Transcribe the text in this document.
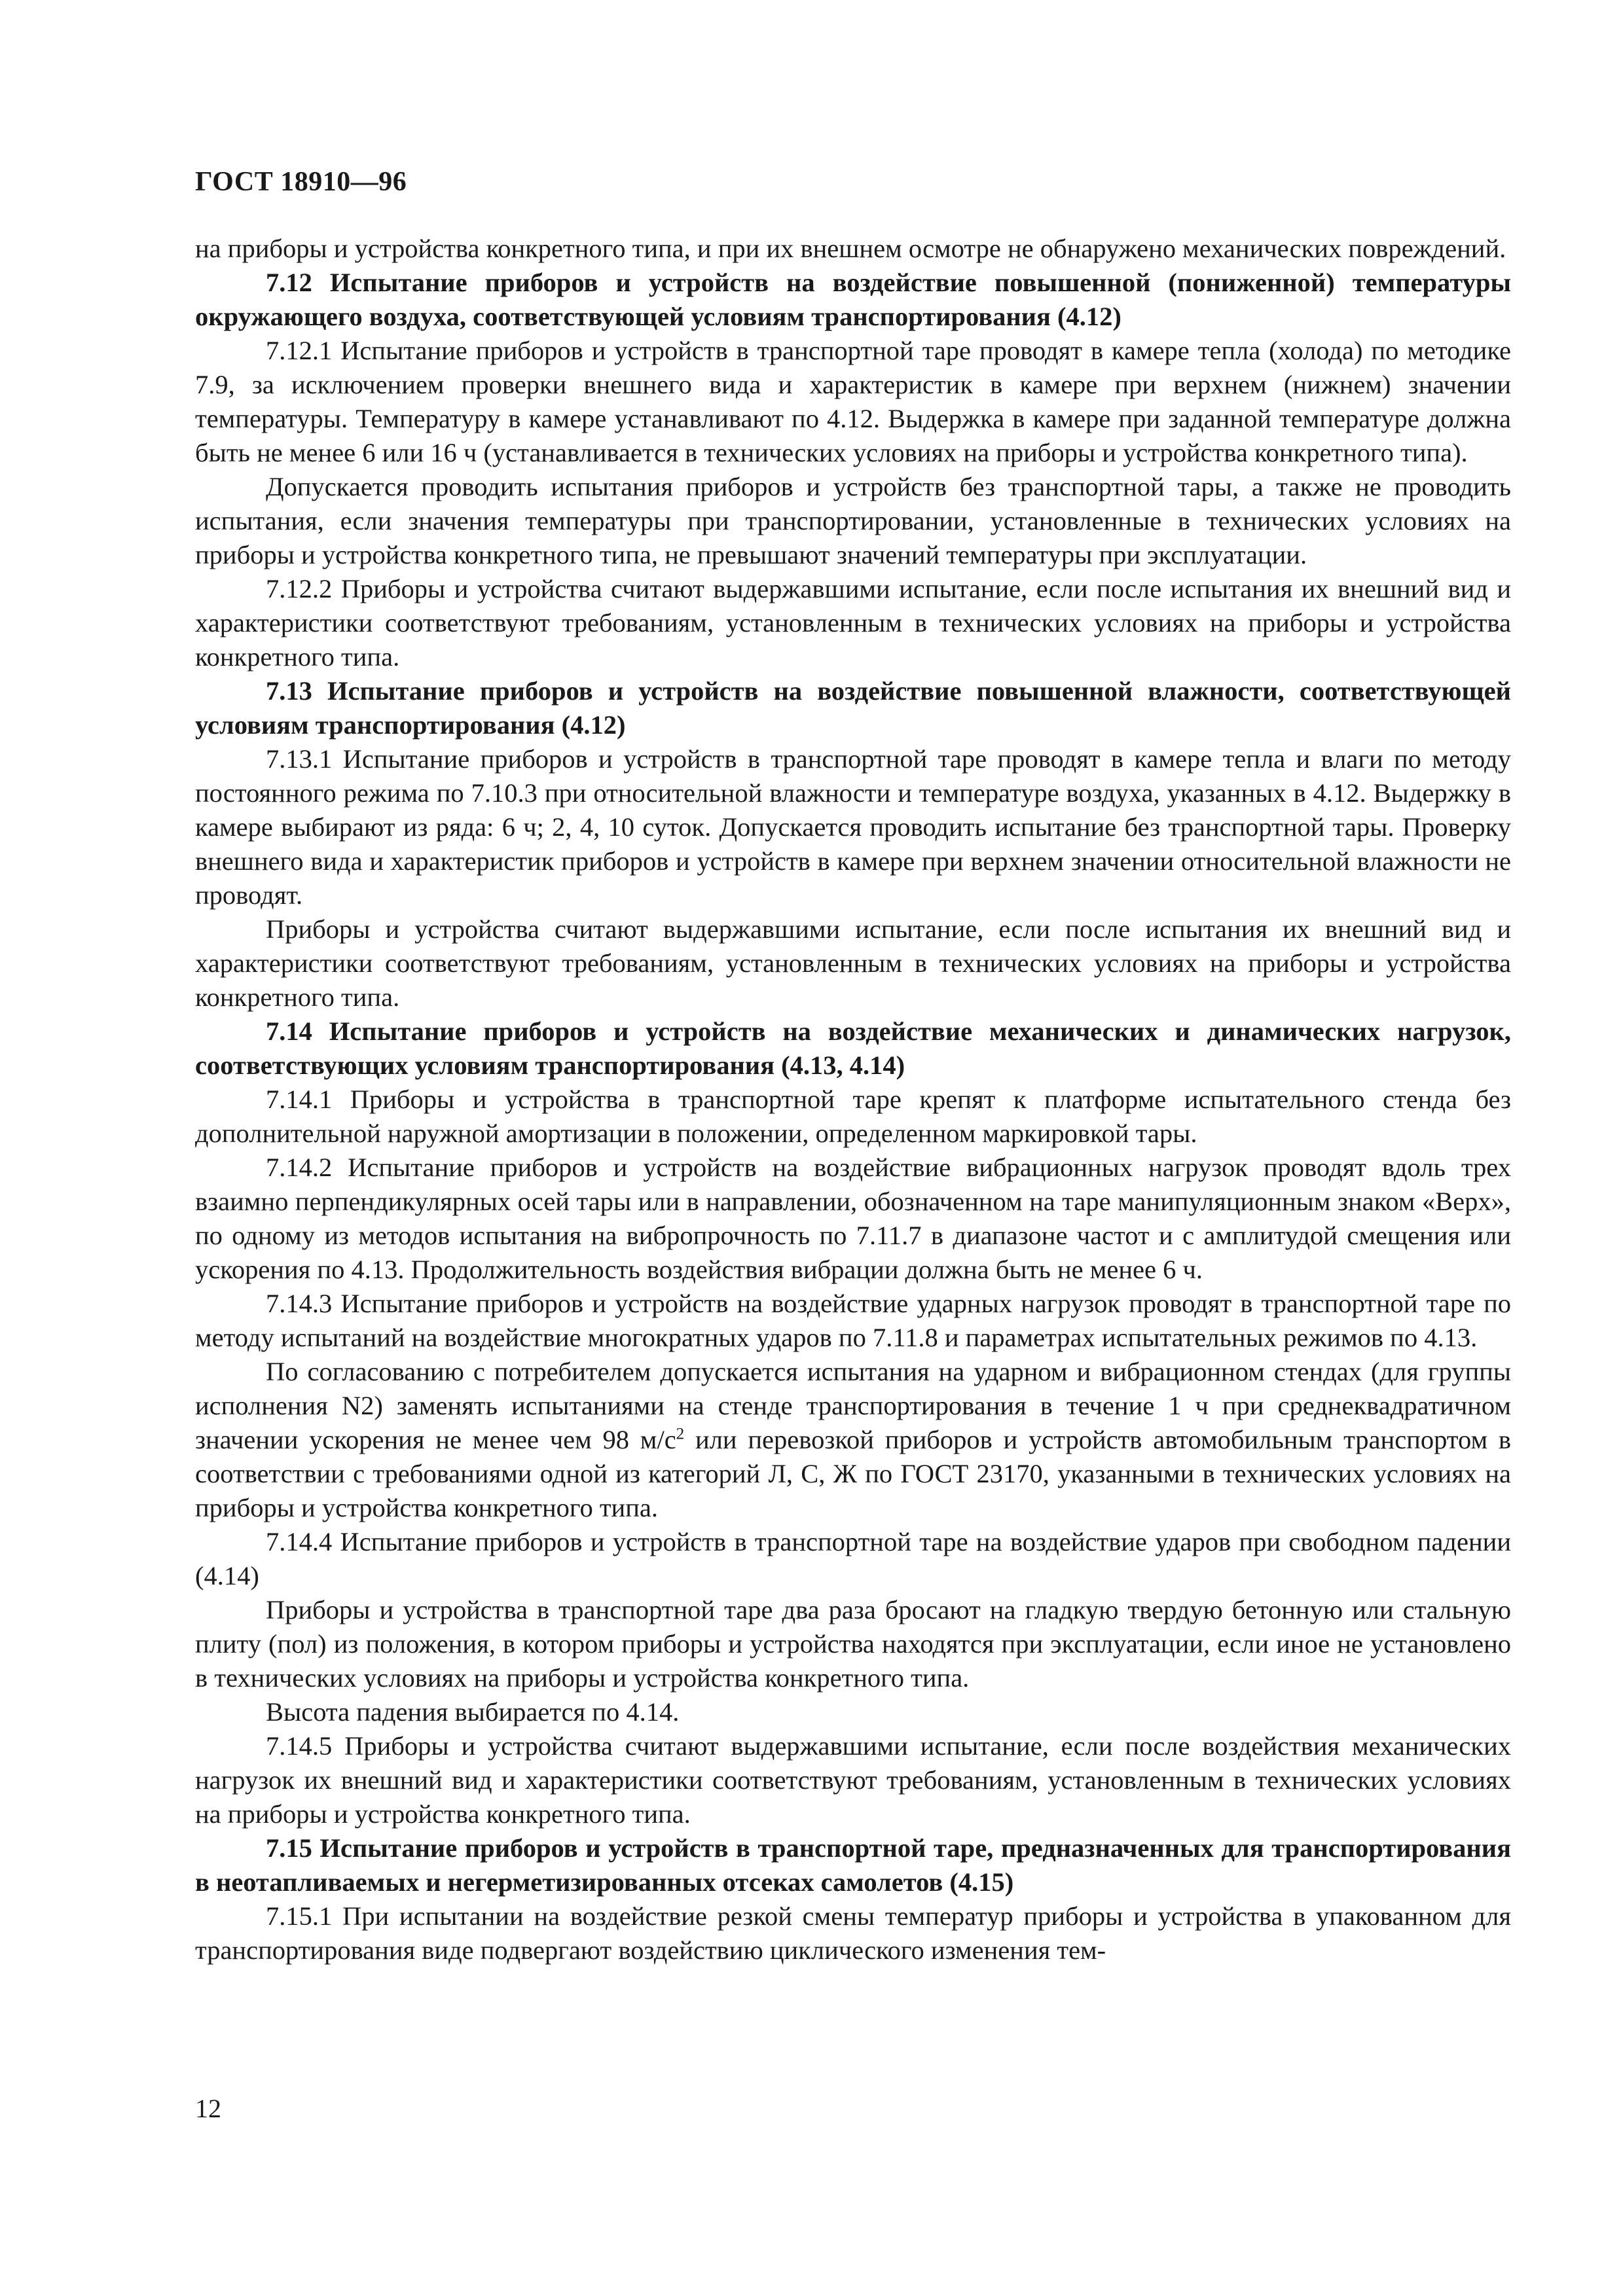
ГОСТ 18910—96

на приборы и устройства конкретного типа, и при их внешнем осмотре не обнаружено механических повреждений.

7.12 Испытание приборов и устройств на воздействие повышенной (пониженной) температуры окружающего воздуха, соответствующей условиям транспортирования (4.12)

7.12.1 Испытание приборов и устройств в транспортной таре проводят в камере тепла (холода) по методике 7.9, за исключением проверки внешнего вида и характеристик в камере при верхнем (нижнем) значении температуры. Температуру в камере устанавливают по 4.12. Выдержка в камере при заданной температуре должна быть не менее 6 или 16 ч (устанавливается в технических условиях на приборы и устройства конкретного типа).

Допускается проводить испытания приборов и устройств без транспортной тары, а также не проводить испытания, если значения температуры при транспортировании, установленные в технических условиях на приборы и устройства конкретного типа, не превышают значений температуры при эксплуатации.

7.12.2 Приборы и устройства считают выдержавшими испытание, если после испытания их внешний вид и характеристики соответствуют требованиям, установленным в технических условиях на приборы и устройства конкретного типа.

7.13 Испытание приборов и устройств на воздействие повышенной влажности, соответствующей условиям транспортирования (4.12)

7.13.1 Испытание приборов и устройств в транспортной таре проводят в камере тепла и влаги по методу постоянного режима по 7.10.3 при относительной влажности и температуре воздуха, указанных в 4.12. Выдержку в камере выбирают из ряда: 6 ч; 2, 4, 10 суток. Допускается проводить испытание без транспортной тары. Проверку внешнего вида и характеристик приборов и устройств в камере при верхнем значении относительной влажности не проводят.

Приборы и устройства считают выдержавшими испытание, если после испытания их внешний вид и характеристики соответствуют требованиям, установленным в технических условиях на приборы и устройства конкретного типа.

7.14 Испытание приборов и устройств на воздействие механических и динамических нагрузок, соответствующих условиям транспортирования (4.13, 4.14)

7.14.1 Приборы и устройства в транспортной таре крепят к платформе испытательного стенда без дополнительной наружной амортизации в положении, определенном маркировкой тары.

7.14.2 Испытание приборов и устройств на воздействие вибрационных нагрузок проводят вдоль трех взаимно перпендикулярных осей тары или в направлении, обозначенном на таре манипуляционным знаком «Верх», по одному из методов испытания на вибропрочность по 7.11.7 в диапазоне частот и с амплитудой смещения или ускорения по 4.13. Продолжительность воздействия вибрации должна быть не менее 6 ч.

7.14.3 Испытание приборов и устройств на воздействие ударных нагрузок проводят в транспортной таре по методу испытаний на воздействие многократных ударов по 7.11.8 и параметрах испытательных режимов по 4.13.

По согласованию с потребителем допускается испытания на ударном и вибрационном стендах (для группы исполнения N2) заменять испытаниями на стенде транспортирования в течение 1 ч при среднеквадратичном значении ускорения не менее чем 98 $м/с^2$ или перевозкой приборов и устройств автомобильным транспортом в соответствии с требованиями одной из категорий Л, С, Ж по ГОСТ 23170, указанными в технических условиях на приборы и устройства конкретного типа.

7.14.4 Испытание приборов и устройств в транспортной таре на воздействие ударов при свободном падении (4.14)

Приборы и устройства в транспортной таре два раза бросают на гладкую твердую бетонную или стальную плиту (пол) из положения, в котором приборы и устройства находятся при эксплуатации, если иное не установлено в технических условиях на приборы и устройства конкретного типа.

Высота падения выбирается по 4.14.

7.14.5 Приборы и устройства считают выдержавшими испытание, если после воздействия механических нагрузок их внешний вид и характеристики соответствуют требованиям, установленным в технических условиях на приборы и устройства конкретного типа.

7.15 Испытание приборов и устройств в транспортной таре, предназначенных для транспортирования в неотапливаемых и негерметизированных отсеках самолетов (4.15)

7.15.1 При испытании на воздействие резкой смены температур приборы и устройства в упакованном для транспортирования виде подвергают воздействию циклического изменения тем-

12
